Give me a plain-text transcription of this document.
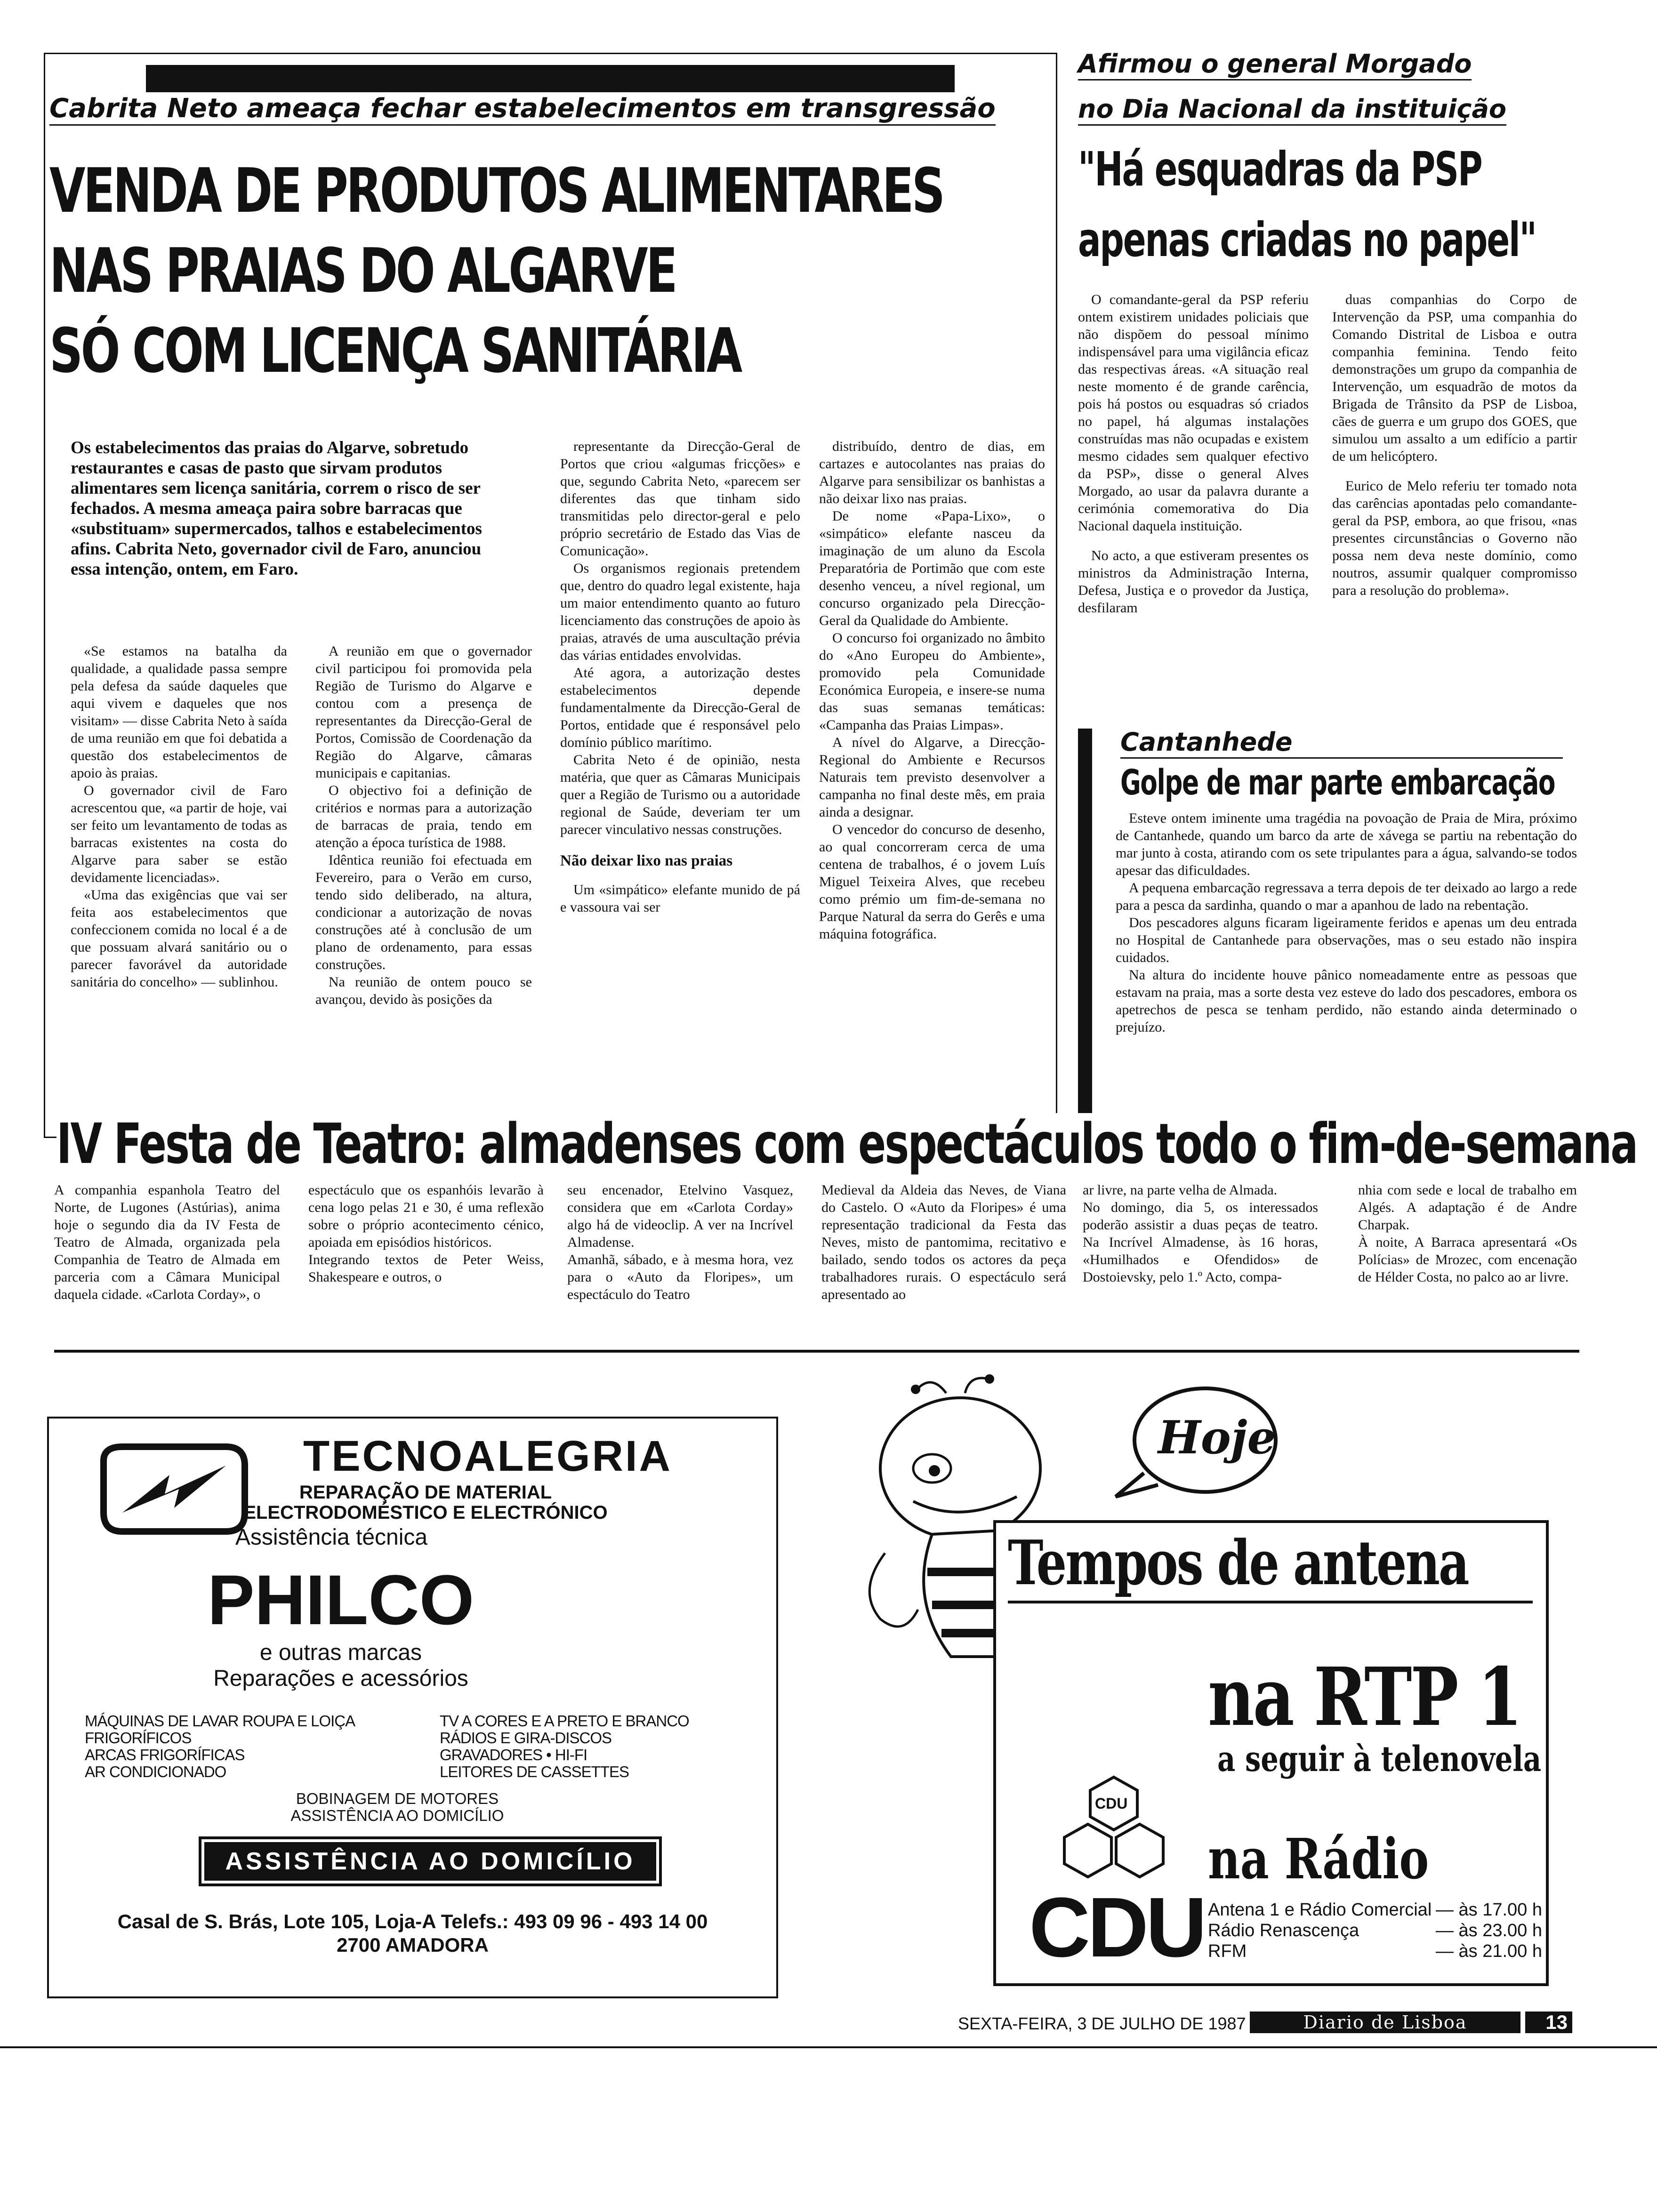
Cabrita Neto ameaça fechar estabelecimentos em transgressão
VENDA DE PRODUTOS ALIMENTARES
NAS PRAIAS DO ALGARVE
SÓ COM LICENÇA SANITÁRIA
Os estabelecimentos das praias do Algarve, sobretudo restaurantes e casas de pasto que sirvam produtos alimentares sem licença sanitária, correm o risco de ser fechados. A mesma ameaça paira sobre barracas que «substituam» supermercados, talhos e estabelecimentos afins. Cabrita Neto, governador civil de Faro, anunciou essa intenção, ontem, em Faro.

«Se estamos na batalha da qualidade, a qualidade passa sempre pela defesa da saúde daqueles que aqui vivem e daqueles que nos visitam» — disse Cabrita Neto à saída de uma reunião em que foi debatida a questão dos estabelecimentos de apoio às praias.

O governador civil de Faro acrescentou que, «a partir de hoje, vai ser feito um levantamento de todas as barracas existentes na costa do Algarve para saber se estão devidamente licenciadas».

«Uma das exigências que vai ser feita aos estabelecimentos que confeccionem comida no local é a de que possuam alvará sanitário ou o parecer favorável da autoridade sanitária do concelho» — sublinhou.

A reunião em que o governador civil participou foi promovida pela Região de Turismo do Algarve e contou com a presença de representantes da Direcção-Geral de Portos, Comissão de Coordenação da Região do Algarve, câmaras municipais e capitanias.

O objectivo foi a definição de critérios e normas para a autorização de barracas de praia, tendo em atenção a época turística de 1988.

Idêntica reunião foi efectuada em Fevereiro, para o Verão em curso, tendo sido deliberado, na altura, condicionar a autorização de novas construções até à conclusão de um plano de ordenamento, para essas construções.

Na reunião de ontem pouco se avançou, devido às posições da

representante da Direcção-Geral de Portos que criou «algumas fricções» e que, segundo Cabrita Neto, «parecem ser diferentes das que tinham sido transmitidas pelo director-geral e pelo próprio secretário de Estado das Vias de Comunicação».

Os organismos regionais pretendem que, dentro do quadro legal existente, haja um maior entendimento quanto ao futuro licenciamento das construções de apoio às praias, através de uma auscultação prévia das várias entidades envolvidas.

Até agora, a autorização destes estabelecimentos depende fundamentalmente da Direcção-Geral de Portos, entidade que é responsável pelo domínio público marítimo.

Cabrita Neto é de opinião, nesta matéria, que quer as Câmaras Municipais quer a Região de Turismo ou a autoridade regional de Saúde, deveriam ter um parecer vinculativo nessas construções.

Não deixar lixo nas praias

Um «simpático» elefante munido de pá e vassoura vai ser

distribuído, dentro de dias, em cartazes e autocolantes nas praias do Algarve para sensibilizar os banhistas a não deixar lixo nas praias.

De nome «Papa-Lixo», o «simpático» elefante nasceu da imaginação de um aluno da Escola Preparatória de Portimão que com este desenho venceu, a nível regional, um concurso organizado pela Direcção-Geral da Qualidade do Ambiente.

O concurso foi organizado no âmbito do «Ano Europeu do Ambiente», promovido pela Comunidade Económica Europeia, e insere-se numa das suas semanas temáticas: «Campanha das Praias Limpas».

A nível do Algarve, a Direcção-Regional do Ambiente e Recursos Naturais tem previsto desenvolver a campanha no final deste mês, em praia ainda a designar.

O vencedor do concurso de desenho, ao qual concorreram cerca de uma centena de trabalhos, é o jovem Luís Miguel Teixeira Alves, que recebeu como prémio um fim-de-semana no Parque Natural da serra do Gerês e uma máquina fotográfica.

Afirmou o general Morgado
no Dia Nacional da instituição
"Há esquadras da PSP
apenas criadas no papel"

O comandante-geral da PSP referiu ontem existirem unidades policiais que não dispõem do pessoal mínimo indispensável para uma vigilância eficaz das respectivas áreas. «A situação real neste momento é de grande carência, pois há postos ou esquadras só criados no papel, há algumas instalações construídas mas não ocupadas e existem mesmo cidades sem qualquer efectivo da PSP», disse o general Alves Morgado, ao usar da palavra durante a cerimónia comemorativa do Dia Nacional daquela instituição.

No acto, a que estiveram presentes os ministros da Administração Interna, Defesa, Justiça e o provedor da Justiça, desfilaram

duas companhias do Corpo de Intervenção da PSP, uma companhia do Comando Distrital de Lisboa e outra companhia feminina. Tendo feito demonstrações um grupo da companhia de Intervenção, um esquadrão de motos da Brigada de Trânsito da PSP de Lisboa, cães de guerra e um grupo dos GOES, que simulou um assalto a um edifício a partir de um helicóptero.

Eurico de Melo referiu ter tomado nota das carências apontadas pelo comandante-geral da PSP, embora, ao que frisou, «nas presentes circunstâncias o Governo não possa nem deva neste domínio, como noutros, assumir qualquer compromisso para a resolução do problema».

Cantanhede
Golpe de mar parte embarcação

Esteve ontem iminente uma tragédia na povoação de Praia de Mira, próximo de Cantanhede, quando um barco da arte de xávega se partiu na rebentação do mar junto à costa, atirando com os sete tripulantes para a água, salvando-se todos apesar das dificuldades.

A pequena embarcação regressava a terra depois de ter deixado ao largo a rede para a pesca da sardinha, quando o mar a apanhou de lado na rebentação.

Dos pescadores alguns ficaram ligeiramente feridos e apenas um deu entrada no Hospital de Cantanhede para observações, mas o seu estado não inspira cuidados.

Na altura do incidente houve pânico nomeadamente entre as pessoas que estavam na praia, mas a sorte desta vez esteve do lado dos pescadores, embora os apetrechos de pesca se tenham perdido, não estando ainda determinado o prejuízo.

IV Festa de Teatro: almadenses com espectáculos todo o fim-de-semana
A companhia espanhola Teatro del Norte, de Lugones (Astúrias), anima hoje o segundo dia da IV Festa de Teatro de Almada, organizada pela Companhia de Teatro de Almada em parceria com a Câmara Municipal daquela cidade. «Carlota Corday», o
espectáculo que os espanhóis levarão à cena logo pelas 21 e 30, é uma reflexão sobre o próprio acontecimento cénico, apoiada em episódios históricos.
Integrando textos de Peter Weiss, Shakespeare e outros, o
seu encenador, Etelvino Vasquez, considera que em «Carlota Corday» algo há de videoclip. A ver na Incrível Almadense.
Amanhã, sábado, e à mesma hora, vez para o «Auto da Floripes», um espectáculo do Teatro
Medieval da Aldeia das Neves, de Viana do Castelo. O «Auto da Floripes» é uma representação tradicional da Festa das Neves, misto de pantomima, recitativo e bailado, sendo todos os actores da peça trabalhadores rurais. O espectáculo será apresentado ao
ar livre, na parte velha de Almada.
No domingo, dia 5, os interessados poderão assistir a duas peças de teatro. Na Incrível Almadense, às 16 horas, «Humilhados e Ofendidos» de Dostoievsky, pelo 1.º Acto, compa-
nhia com sede e local de trabalho em Algés. A adaptação é de Andre Charpak.
À noite, A Barraca apresentará «Os Polícias» de Mrozec, com encenação de Hélder Costa, no palco ao ar livre.
TECNOALEGRIA
REPARAÇÃO DE MATERIAL
ELECTRODOMÉSTICO E ELECTRÓNICO
Assistência técnica
PHILCO
e outras marcas
Reparações e acessórios
MÁQUINAS DE LAVAR ROUPA E LOIÇA
FRIGORÍFICOS
ARCAS FRIGORÍFICAS
AR CONDICIONADO
TV A CORES E A PRETO E BRANCO
RÁDIOS E GIRA-DISCOS
GRAVADORES • HI-FI
LEITORES DE CASSETTES
BOBINAGEM DE MOTORES
ASSISTÊNCIA AO DOMICÍLIO
ASSISTÊNCIA AO DOMICÍLIO
Casal de S. Brás, Lote 105, Loja-A Telefs.: 493 09 96 - 493 14 00
2700 AMADORA
Hoje
Tempos de antena
na RTP 1
a seguir à telenovela
CDU
na Rádio
CDU Antena 1 e Rádio Comercial — às 17.00 h
Rádio Renascença	— às 23.00 h
RFM	— às 21.00 h
SEXTA-FEIRA, 3 DE JULHO DE 1987	Diario de Lisboa	13
